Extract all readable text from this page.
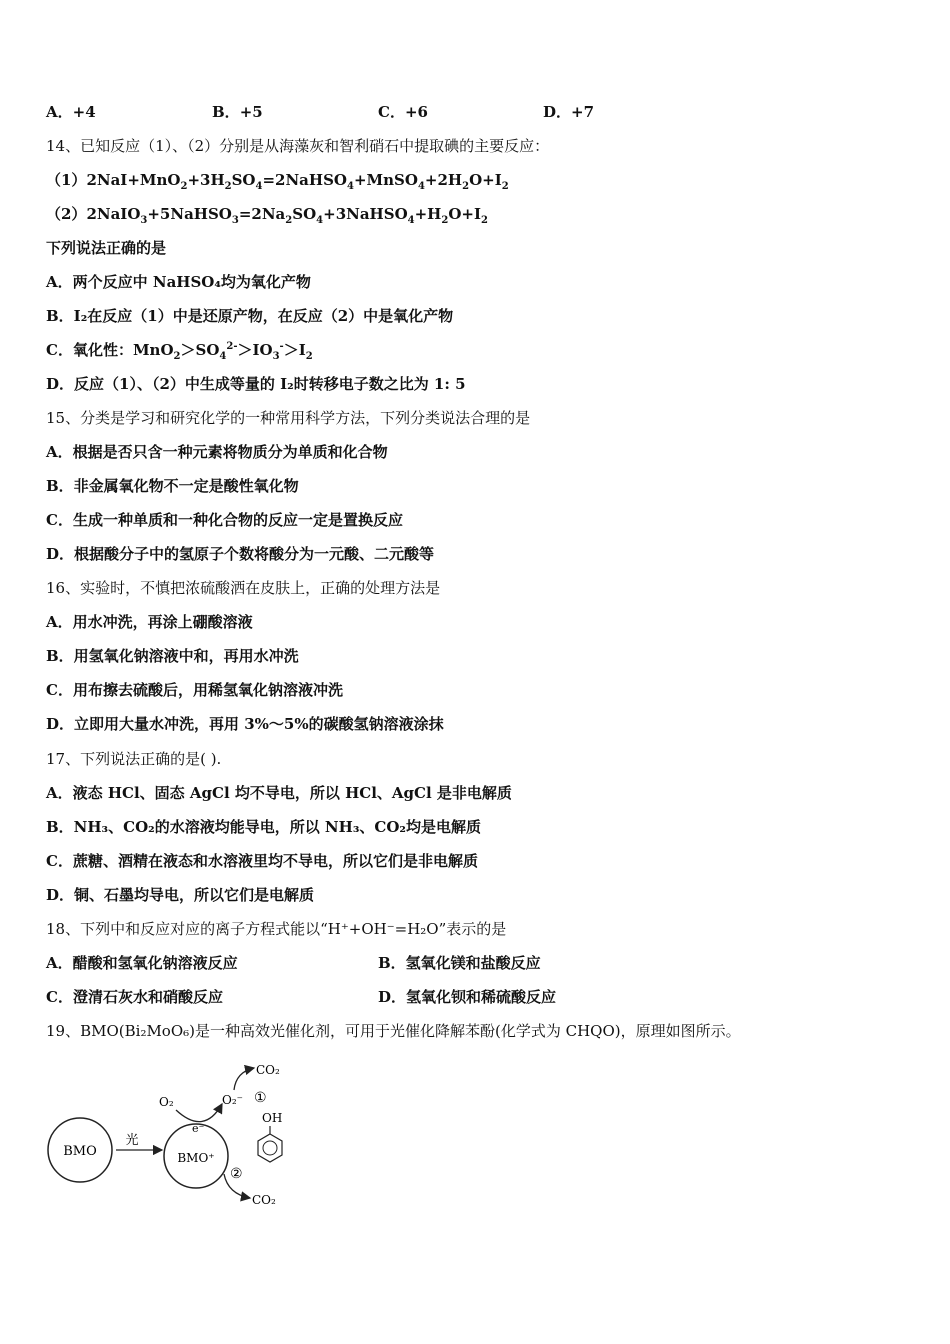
A．+4	B．+5	C．+6	D．+7
14、已知反应（1）、（2）分别是从海藻灰和智利硝石中提取碘的主要反应：
$(1)2NaI+MnO_2+3H_2SO_4=2NaHSO_4+MnSO_4+2H_2O+I_2$
$(2)2NaIO_3+5NaHSO_3=2Na_2SO_4+3NaHSO_4+H_2O+I_2$
下列说法正确的是
A．两个反应中 NaHSO₄均为氧化产物
B．I₂在反应（1）中是还原产物，在反应（2）中是氧化产物
C．氧化性：$MnO_2>SO_4^{2-}>IO_3^->I_2$
D．反应（1）、（2）中生成等量的 I₂时转移电子数之比为 1: 5
15、分类是学习和研究化学的一种常用科学方法，下列分类说法合理的是
A．根据是否只含一种元素将物质分为单质和化合物
B．非金属氧化物不一定是酸性氧化物
C．生成一种单质和一种化合物的反应一定是置换反应
D．根据酸分子中的氢原子个数将酸分为一元酸、二元酸等
16、实验时，不慎把浓硫酸洒在皮肤上，正确的处理方法是
A．用水冲洗，再涂上硼酸溶液
B．用氢氧化钠溶液中和，再用水冲洗
C．用布擦去硫酸后，用稀氢氧化钠溶液冲洗
D．立即用大量水冲洗，再用 3%～5%的碳酸氢钠溶液涂抹
17、下列说法正确的是( ).
A．液态 HCl、固态 AgCl 均不导电，所以 HCl、AgCl 是非电解质
B．NH₃、CO₂的水溶液均能导电，所以 NH₃、CO₂均是电解质
C．蔗糖、酒精在液态和水溶液里均不导电，所以它们是非电解质
D．铜、石墨均导电，所以它们是电解质
18、下列中和反应对应的离子方程式能以“H⁺+OH⁻=H₂O”表示的是
A．醋酸和氢氧化钠溶液反应	B．氢氧化镁和盐酸反应
C．澄清石灰水和硝酸反应	D．氢氧化钡和稀硫酸反应
19、BMO(Bi₂MoO₆)是一种高效光催化剂，可用于光催化降解苯酚(化学式为 CHQO)，原理如图所示。
BMO
光
BMO⁺
O₂
e⁻
O₂⁻
CO₂
①
OH
②
CO₂
